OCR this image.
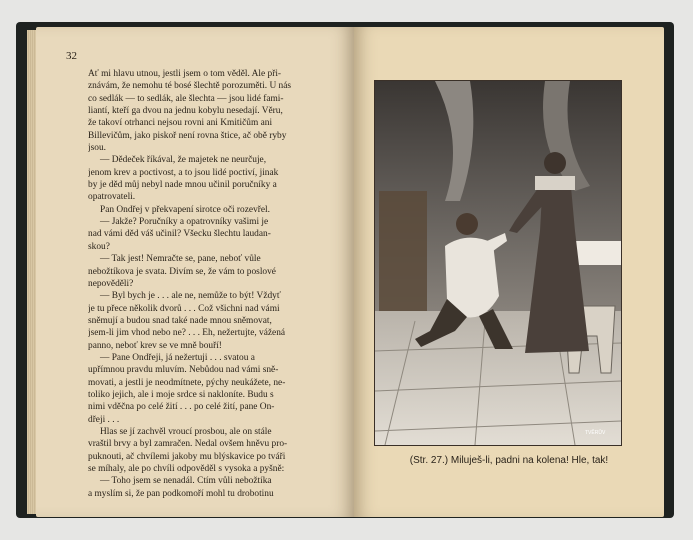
32
Ať mi hlavu utnou, jestli jsem o tom věděl. Ale při-
znávám, že nemohu té bosé šlechtě porozuměti. U nás
co sedlák — to sedlák, ale šlechta — jsou lidé fami-
liantí, kteří ga dvou na jednu kobylu nesedají. Věru,
že takoví otrhanci nejsou rovni ani Kmitičům ani
Billevičům, jako piskoř není rovna štice, ač obě ryby
jsou.
— Dědeček říkával, že majetek ne neurčuje,
jenom krev a poctivost, a to jsou lidé poctiví, jinak
by je děd můj nebyl nade mnou učinil poručníky a
opatrovateli.
Pan Ondřej v překvapení sirotce oči rozevřel.
— Jakže? Poručníky a opatrovníky vašimi je
nad vámi děd váš učinil? Všecku šlechtu laudan-
skou?
— Tak jest! Nemračte se, pane, neboť vůle
nebožtíkova je svata. Divím se, že vám to poslové
nepověděli?
— Byl bych je . . . ale ne, nemůže to být! Vždyť
je tu přece několik dvorů . . . Což všichni nad vámi
sněmují a budou snad také nade mnou sněmovat,
jsem-li jim vhod nebo ne? . . . Eh, nežertujte, vážená
panno, neboť krev se ve mně bouří!
— Pane Ondřeji, já nežertuji . . . svatou a
upřímnou pravdu mluvím. Nebůdou nad vámi sně-
movati, a jestli je neodmítnete, pýchy neukážete, ne-
toliko jejich, ale i moje srdce si nakloníte. Budu s
nimi vděčna po celé žití . . . po celé žití, pane On-
dřeji . . .
Hlas se jí zachvěl vroucí prosbou, ale on stále
vraštil brvy a byl zamračen. Nedal ovšem hněvu pro-
puknouti, ač chvílemi jakoby mu blýskavice po tváři
se míhaly, ale po chvíli odpověděl s vysoka a pyšně:
— Toho jsem se nenadál. Ctím vůli nebožtíka
a myslím si, že pan podkomoří mohl tu drobotinu
TVĚRŮV
(Str. 27.) Miluješ-li, padni na kolena! Hle, tak!
